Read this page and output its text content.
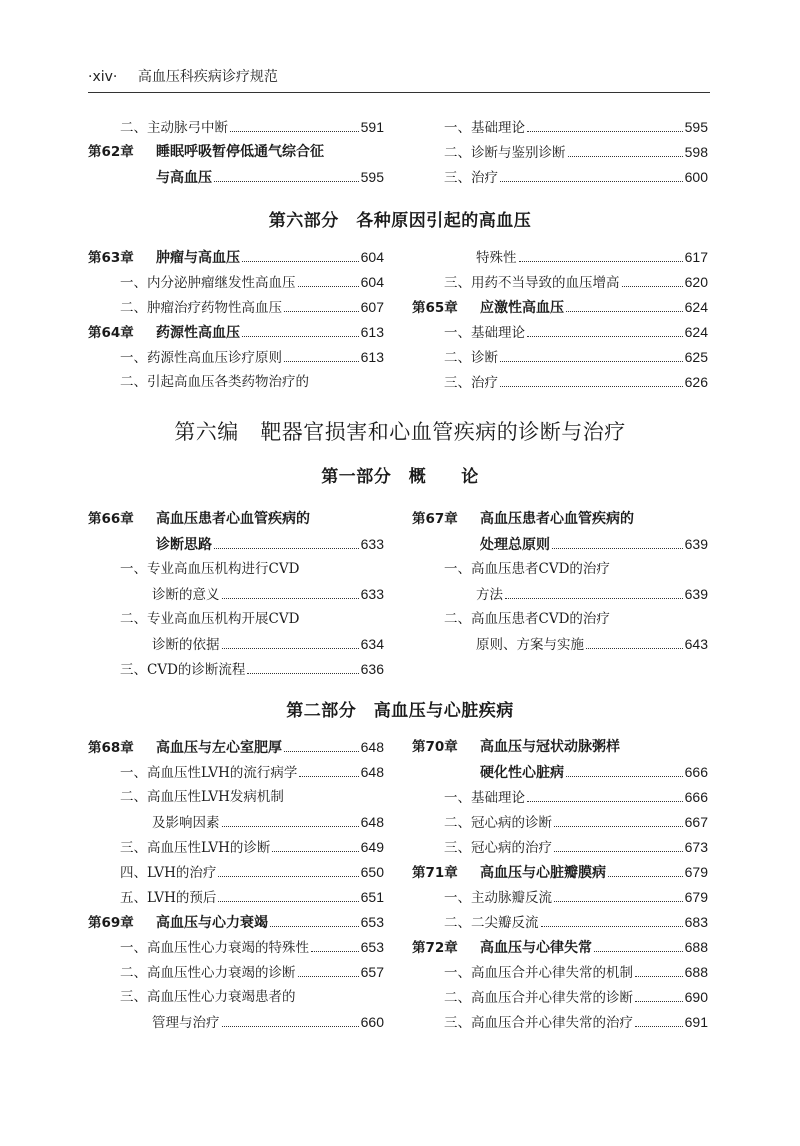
·xiv· 高血压科疾病诊疗规范
二、主动脉弓中断	591
第62章 睡眠呼吸暂停低通气综合征
与高血压	595
一、基础理论	595
二、诊断与鉴别诊断	598
三、治疗	600
第六部分　各种原因引起的高血压
第63章 肿瘤与高血压	604
一、内分泌肿瘤继发性高血压	604
二、肿瘤治疗药物性高血压	607
第64章 药源性高血压	613
一、药源性高血压诊疗原则	613
二、引起高血压各类药物治疗的
特殊性	617
三、用药不当导致的血压增高	620
第65章 应激性高血压	624
一、基础理论	624
二、诊断	625
三、治疗	626
第六编　靶器官损害和心血管疾病的诊断与治疗
第一部分　概　　论
第66章 高血压患者心血管疾病的
诊断思路	633
一、专业高血压机构进行CVD
诊断的意义	633
二、专业高血压机构开展CVD
诊断的依据	634
三、CVD的诊断流程	636
第67章 高血压患者心血管疾病的
处理总原则	639
一、高血压患者CVD的治疗
方法	639
二、高血压患者CVD的治疗
原则、方案与实施	643
第二部分　高血压与心脏疾病
第68章 高血压与左心室肥厚	648
一、高血压性LVH的流行病学	648
二、高血压性LVH发病机制
及影响因素	648
三、高血压性LVH的诊断	649
四、LVH的治疗	650
五、LVH的预后	651
第69章 高血压与心力衰竭	653
一、高血压性心力衰竭的特殊性	653
二、高血压性心力衰竭的诊断	657
三、高血压性心力衰竭患者的
管理与治疗	660
第70章 高血压与冠状动脉粥样
硬化性心脏病	666
一、基础理论	666
二、冠心病的诊断	667
三、冠心病的治疗	673
第71章 高血压与心脏瓣膜病	679
一、主动脉瓣反流	679
二、二尖瓣反流	683
第72章 高血压与心律失常	688
一、高血压合并心律失常的机制	688
二、高血压合并心律失常的诊断	690
三、高血压合并心律失常的治疗	691
